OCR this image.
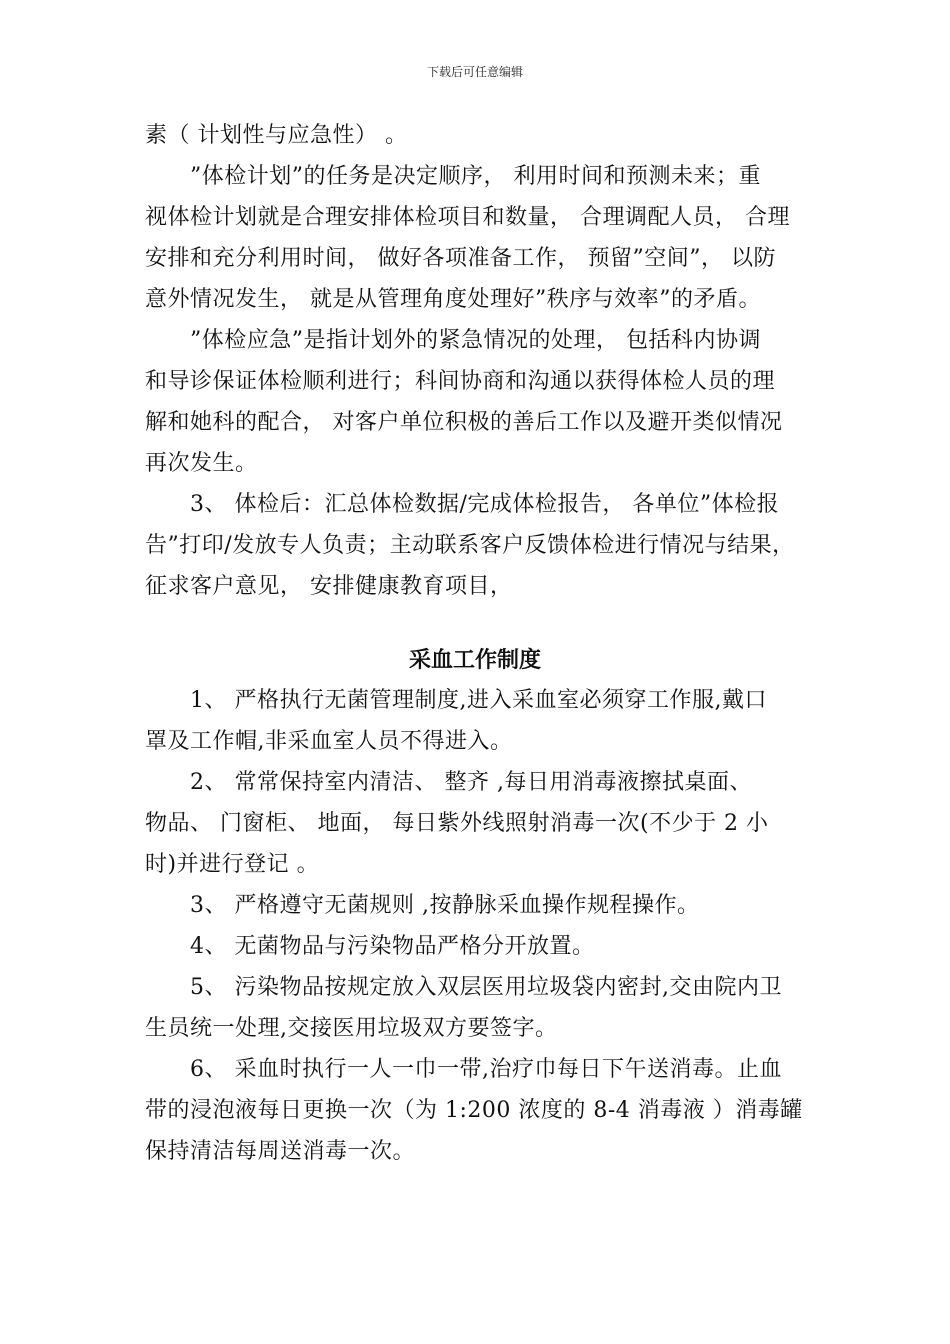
下载后可任意编辑
素（ 计划性与应急性） 。
”体检计划”的任务是决定顺序， 利用时间和预测未来；重
视体检计划就是合理安排体检项目和数量， 合理调配人员， 合理
安排和充分利用时间， 做好各项准备工作， 预留”空间”， 以防
意外情况发生， 就是从管理角度处理好”秩序与效率”的矛盾。
”体检应急”是指计划外的紧急情况的处理， 包括科内协调
和导诊保证体检顺利进行；科间协商和沟通以获得体检人员的理
解和她科的配合， 对客户单位积极的善后工作以及避开类似情况
再次发生。
3、 体检后：汇总体检数据/完成体检报告， 各单位”体检报
告”打印/发放专人负责；主动联系客户反馈体检进行情况与结果，
征求客户意见， 安排健康教育项目，
采血工作制度
1、 严格执行无菌管理制度,进入采血室必须穿工作服,戴口
罩及工作帽,非采血室人员不得进入。
2、 常常保持室内清洁、 整齐 ,每日用消毒液擦拭桌面、
物品、 门窗柜、 地面， 每日紫外线照射消毒一次(不少于 2 小
时)并进行登记 。
3、 严格遵守无菌规则 ,按静脉采血操作规程操作。
4、 无菌物品与污染物品严格分开放置。
5、 污染物品按规定放入双层医用垃圾袋内密封,交由院内卫
生员统一处理,交接医用垃圾双方要签字。
6、 采血时执行一人一巾一带,治疗巾每日下午送消毒。止血
带的浸泡液每日更换一次（为 1:200 浓度的 8-4 消毒液 ）消毒罐
保持清洁每周送消毒一次。
